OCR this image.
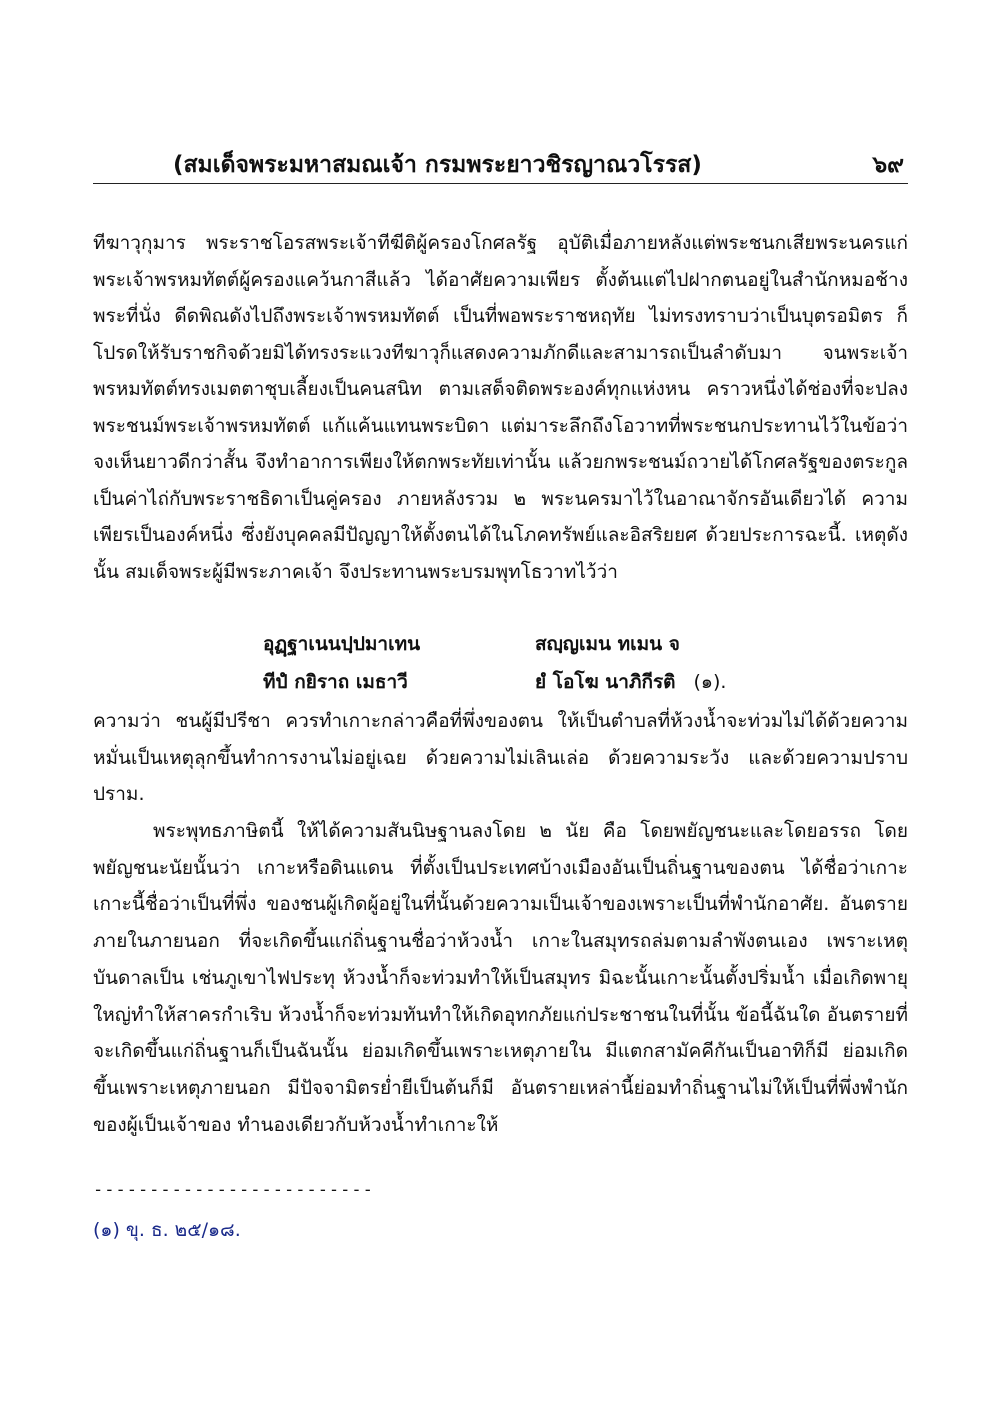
(สมเด็จพระมหาสมณเจ้า กรมพระยาวชิรญาณวโรรส)	๖๙

ทีฆาวุกุมาร พระราชโอรสพระเจ้าทีฆีติผู้ครองโกศลรัฐ อุบัติเมื่อภายหลังแต่พระชนกเสียพระนครแก่พระเจ้าพรหมทัตต์ผู้ครองแคว้นกาสีแล้ว ได้อาศัยความเพียร ตั้งต้นแต่ไปฝากตนอยู่ในสำนักหมอช้างพระที่นั่ง ดีดพิณดังไปถึงพระเจ้าพรหมทัตต์ เป็นที่พอพระราชหฤทัย ไม่ทรงทราบว่าเป็นบุตรอมิตร ก็โปรดให้รับราชกิจด้วยมิได้ทรงระแวงทีฆาวุก็แสดงความภักดีและสามารถเป็นลำดับมา จนพระเจ้าพรหมทัตต์ทรงเมตตาชุบเลี้ยงเป็นคนสนิท ตามเสด็จติดพระองค์ทุกแห่งหน คราวหนึ่งได้ช่องที่จะปลงพระชนม์พระเจ้าพรหมทัตต์ แก้แค้นแทนพระบิดา แต่มาระลึกถึงโอวาทที่พระชนกประทานไว้ในข้อว่า จงเห็นยาวดีกว่าสั้น จึงทำอาการเพียงให้ตกพระทัยเท่านั้น แล้วยกพระชนม์ถวายได้โกศลรัฐของตระกูลเป็นค่าไถ่กับพระราชธิดาเป็นคู่ครอง ภายหลังรวม ๒ พระนครมาไว้ในอาณาจักรอันเดียวได้ ความเพียรเป็นองค์หนึ่ง ซึ่งยังบุคคลมีปัญญาให้ตั้งตนได้ในโภคทรัพย์และอิสริยยศ ด้วยประการฉะนี้. เหตุดังนั้น สมเด็จพระผู้มีพระภาคเจ้า จึงประทานพระบรมพุทโธวาทไว้ว่า

อุฏฺฐาเนนปฺปมาเทน	สญฺญเมน ทเมน จ
ทีปํ กยิราถ เมธาวี	ยํ โอโฆ นาภิกีรติ (๑).

ความว่า ชนผู้มีปรีชา ควรทำเกาะกล่าวคือที่พึ่งของตน ให้เป็นตำบลที่ห้วงน้ำจะท่วมไม่ได้ด้วยความหมั่นเป็นเหตุลุกขึ้นทำการงานไม่อยู่เฉย ด้วยความไม่เลินเล่อ ด้วยความระวัง และด้วยความปราบปราม.

พระพุทธภาษิตนี้ ให้ได้ความสันนิษฐานลงโดย ๒ นัย คือ โดยพยัญชนะและโดยอรรถ โดยพยัญชนะนัยนั้นว่า เกาะหรือดินแดน ที่ตั้งเป็นประเทศบ้างเมืองอันเป็นถิ่นฐานของตน ได้ชื่อว่าเกาะ เกาะนี้ชื่อว่าเป็นที่พึ่ง ของชนผู้เกิดผู้อยู่ในที่นั้นด้วยความเป็นเจ้าของเพราะเป็นที่พำนักอาศัย. อันตรายภายในภายนอก ที่จะเกิดขึ้นแก่ถิ่นฐานชื่อว่าห้วงน้ำ เกาะในสมุทรถล่มตามลำพังตนเอง เพราะเหตุบันดาลเป็น เช่นภูเขาไฟประทุ ห้วงน้ำก็จะท่วมทำให้เป็นสมุทร มิฉะนั้นเกาะนั้นตั้งปริ่มน้ำ เมื่อเกิดพายุใหญ่ทำให้สาครกำเริบ ห้วงน้ำก็จะท่วมทันทำให้เกิดอุทกภัยแก่ประชาชนในที่นั้น ข้อนี้ฉันใด อันตรายที่จะเกิดขึ้นแก่ถิ่นฐานก็เป็นฉันนั้น ย่อมเกิดขึ้นเพราะเหตุภายใน มีแตกสามัคคีกันเป็นอาทิก็มี ย่อมเกิดขึ้นเพราะเหตุภายนอก มีปัจจามิตรย่ำยีเป็นต้นก็มี อันตรายเหล่านี้ย่อมทำถิ่นฐานไม่ให้เป็นที่พึ่งพำนักของผู้เป็นเจ้าของ ทำนองเดียวกับห้วงน้ำทำเกาะให้

-------------------------
(๑) ขุ. ธ. ๒๕/๑๘.
